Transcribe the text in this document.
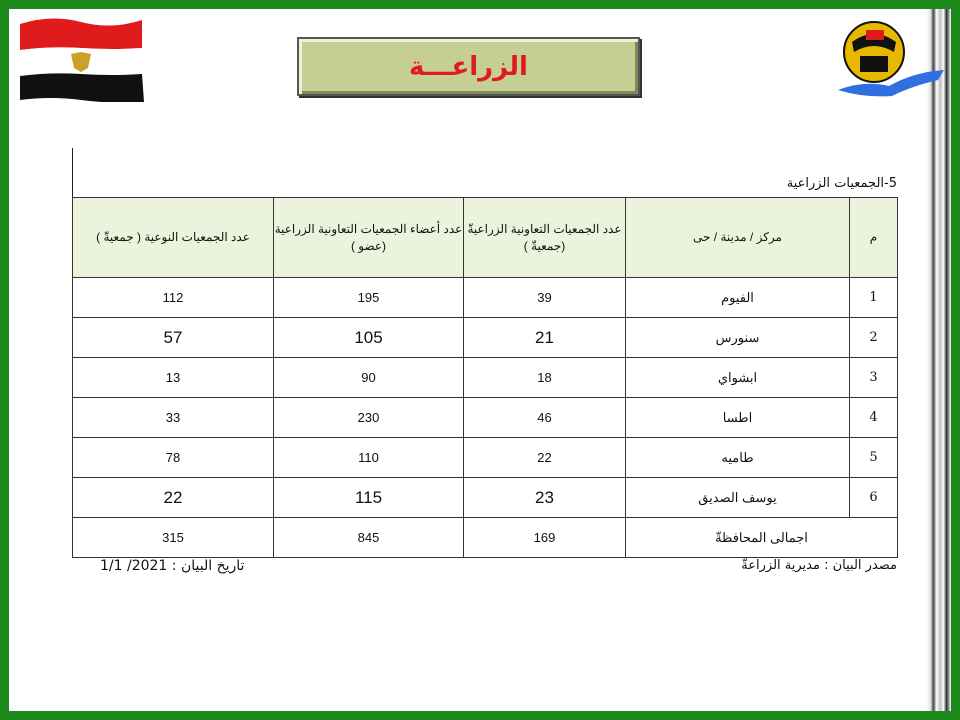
الزراعـــة
5-الجمعيات الزراعية
م	مركز / مدينة / حى	عدد الجمعيات التعاونية الزراعيةّ (جمعيةّ )	عدد أعضاء الجمعيات التعاونية الزراعية (عضو )	عدد الجمعيات النوعية ( جمعيةّ )
1	الفيوم	39	195	112
2	سنورس	21	105	57
3	ابشواي	18	90	13
4	اطسا	46	230	33
5	طاميه	22	110	78
6	يوسف الصديق	23	115	22
اجمالى المحافظةّ		169	845	315
مصدر البيان : مديرية الزراعةّ
تاريخ البيان : 2021/ 1/1
